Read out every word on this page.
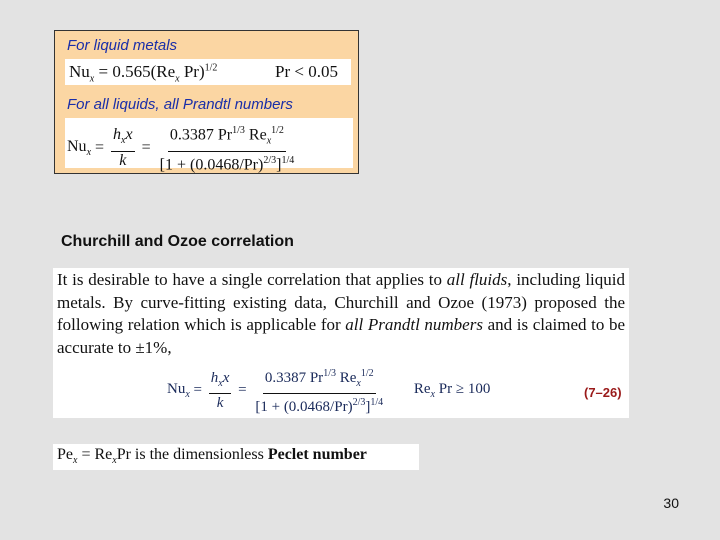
For liquid metals
$Nu_x = 0.565(Re_x$ Pr)$^{1/2}$	Pr < 0.05
For all liquids, all Prandtl numbers
$Nu_x = \frac{h_xx}{k} = \frac{0.3387 Pr^{1/3} Re_x^{1/2}}{[1 + (0.0468/Pr)^{2/3}]^{1/4}}$
Churchill and Ozoe correlation
It is desirable to have a single correlation that applies to all fluids, including liquid metals. By curve-fitting existing data, Churchill and Ozoe (1973) proposed the following relation which is applicable for all Prandtl numbers and is claimed to be accurate to ±1%,
$Nu_x = \frac{h_xx}{k} = \frac{0.3387 Pr^{1/3} Re_x^{1/2}}{[1 + (0.0468/Pr)^{2/3}]^{1/4}} Re_x$ Pr ≥ 100	(7–26)
$Pe_x = Re_xPr$ is the dimensionless Peclet number
30
